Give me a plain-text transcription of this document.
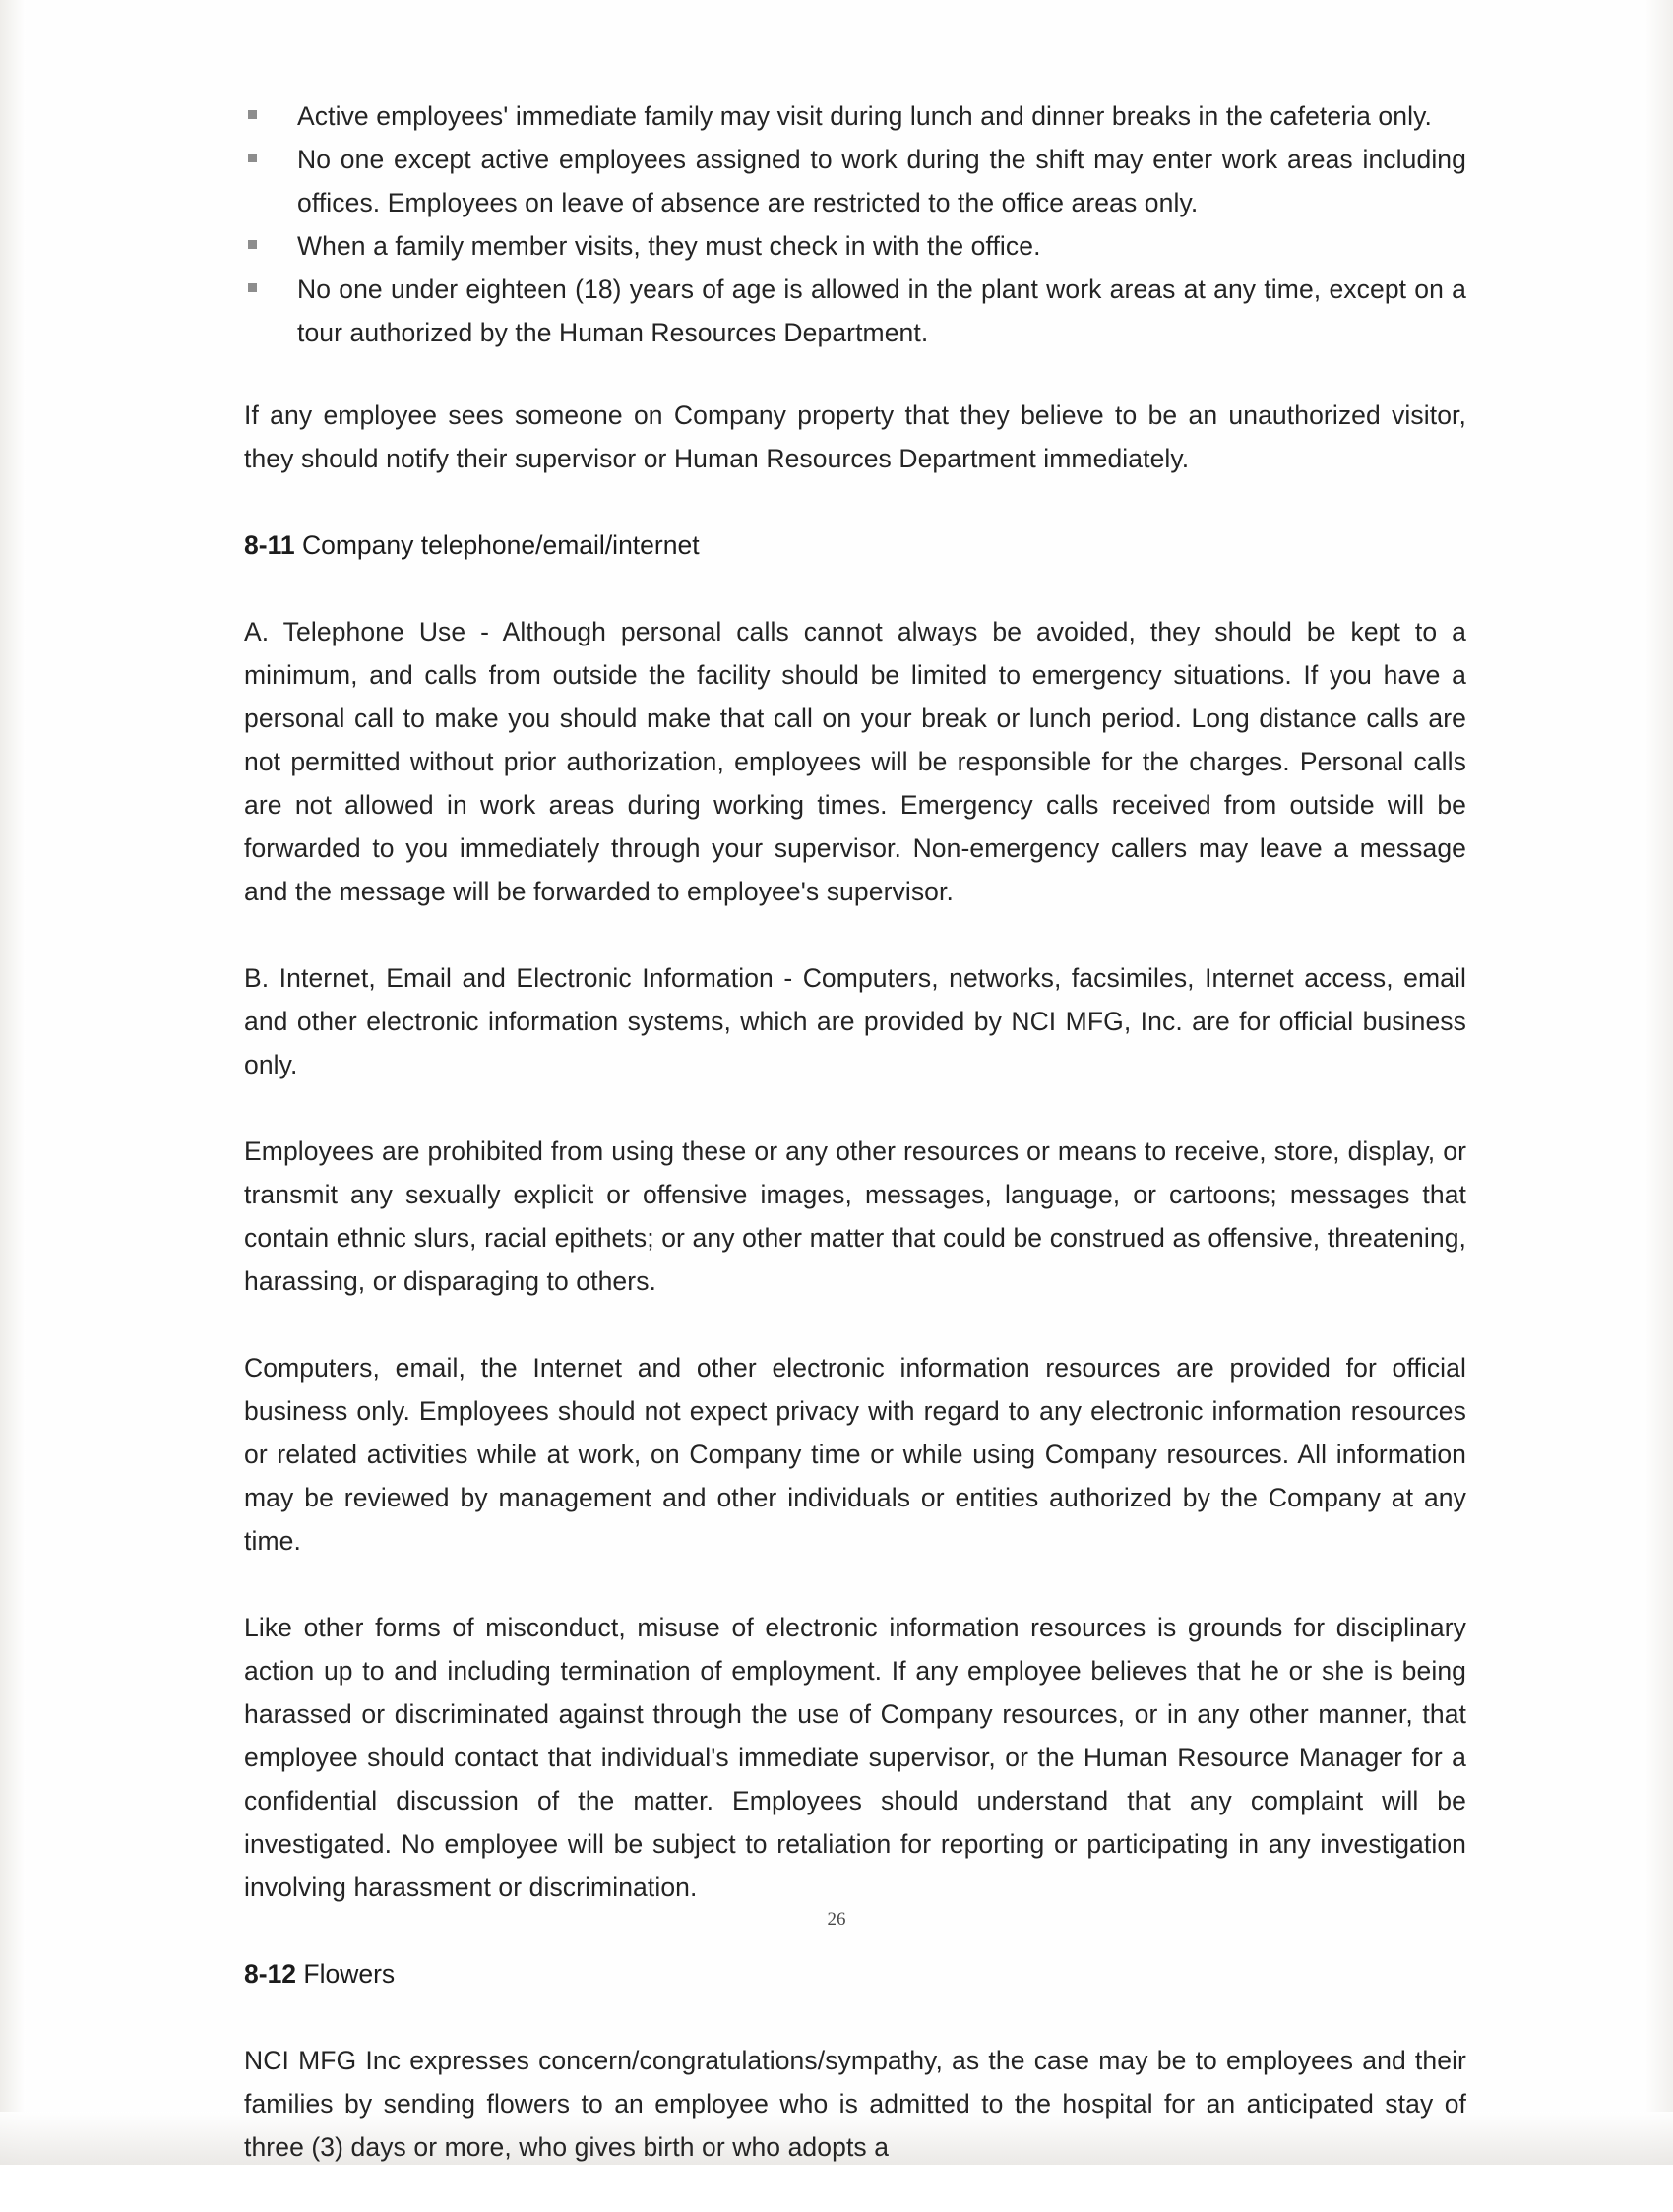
Active employees' immediate family may visit during lunch and dinner breaks in the cafeteria only.
No one except active employees assigned to work during the shift may enter work areas including offices. Employees on leave of absence are restricted to the office areas only.
When a family member visits, they must check in with the office.
No one under eighteen (18) years of age is allowed in the plant work areas at any time, except on a tour authorized by the Human Resources Department.

If any employee sees someone on Company property that they believe to be an unauthorized visitor, they should notify their supervisor or Human Resources Department immediately.

8-11 Company telephone/email/internet

A. Telephone Use - Although personal calls cannot always be avoided, they should be kept to a minimum, and calls from outside the facility should be limited to emergency situations. If you have a personal call to make you should make that call on your break or lunch period. Long distance calls are not permitted without prior authorization, employees will be responsible for the charges. Personal calls are not allowed in work areas during working times. Emergency calls received from outside will be forwarded to you immediately through your supervisor. Non-emergency callers may leave a message and the message will be forwarded to employee's supervisor.

B. Internet, Email and Electronic Information - Computers, networks, facsimiles, Internet access, email and other electronic information systems, which are provided by NCI MFG, Inc. are for official business only.

Employees are prohibited from using these or any other resources or means to receive, store, display, or transmit any sexually explicit or offensive images, messages, language, or cartoons; messages that contain ethnic slurs, racial epithets; or any other matter that could be construed as offensive, threatening, harassing, or disparaging to others.

Computers, email, the Internet and other electronic information resources are provided for official business only. Employees should not expect privacy with regard to any electronic information resources or related activities while at work, on Company time or while using Company resources. All information may be reviewed by management and other individuals or entities authorized by the Company at any time.

Like other forms of misconduct, misuse of electronic information resources is grounds for disciplinary action up to and including termination of employment. If any employee believes that he or she is being harassed or discriminated against through the use of Company resources, or in any other manner, that employee should contact that individual's immediate supervisor, or the Human Resource Manager for a confidential discussion of the matter. Employees should understand that any complaint will be investigated. No employee will be subject to retaliation for reporting or participating in any investigation involving harassment or discrimination.

8-12 Flowers

NCI MFG Inc expresses concern/congratulations/sympathy, as the case may be to employees and their families by sending flowers to an employee who is admitted to the hospital for an anticipated stay of three (3) days or more, who gives birth or who adopts a

26
